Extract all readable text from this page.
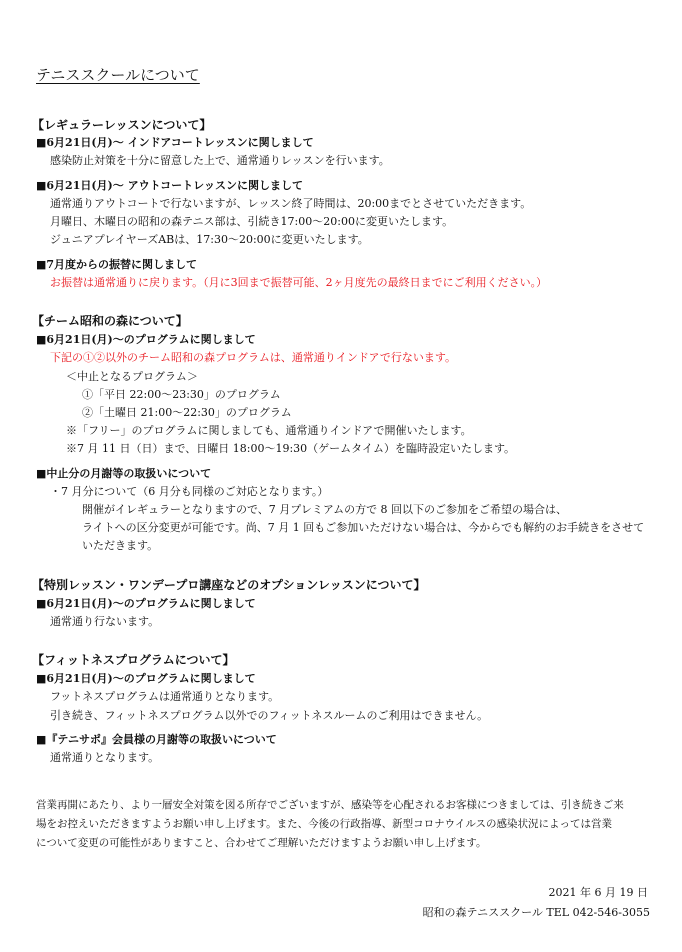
テニススクールについて
【レギュラーレッスンについて】
■6月21日(月)～ インドアコートレッスンに関しまして
感染防止対策を十分に留意した上で、通常通りレッスンを行います。
■6月21日(月)～ アウトコートレッスンに関しまして
通常通りアウトコートで行ないますが、レッスン終了時間は、20:00までとさせていただきます。
月曜日、木曜日の昭和の森テニス部は、引続き17:00～20:00に変更いたします。
ジュニアプレイヤーズABは、17:30～20:00に変更いたします。
■7月度からの振替に関しまして
お振替は通常通りに戻ります。（月に3回まで振替可能、2ヶ月度先の最終日までにご利用ください。）
【チーム昭和の森について】
■6月21日(月)～のプログラムに関しまして
下記の①②以外のチーム昭和の森プログラムは、通常通りインドアで行ないます。
＜中止となるプログラム＞
①「平日 22:00～23:30」のプログラム
②「土曜日 21:00～22:30」のプログラム
※「フリー」のプログラムに関しましても、通常通りインドアで開催いたします。
※7 月 11 日（日）まで、日曜日 18:00～19:30（ゲームタイム）を臨時設定いたします。
■中止分の月謝等の取扱いについて
・7 月分について（6 月分も同様のご対応となります。）
開催がイレギュラーとなりますので、7 月プレミアムの方で 8 回以下のご参加をご希望の場合は、
ライトへの区分変更が可能です。尚、7 月 1 回もご参加いただけない場合は、今からでも解約のお手続きをさせて
いただきます。
【特別レッスン・ワンデープロ講座などのオプションレッスンについて】
■6月21日(月)～のプログラムに関しまして
通常通り行ないます。
【フィットネスプログラムについて】
■6月21日(月)～のプログラムに関しまして
フットネスプログラムは通常通りとなります。
引き続き、フィットネスプログラム以外でのフィットネスルームのご利用はできません。
■『テニサポ』会員様の月謝等の取扱いについて
通常通りとなります。
営業再開にあたり、より一層安全対策を図る所存でございますが、感染等を心配されるお客様につきましては、引き続きご来
場をお控えいただきますようお願い申し上げます。また、今後の行政指導、新型コロナウイルスの感染状況によっては営業
について変更の可能性がありますこと、合わせてご理解いただけますようお願い申し上げます。
2021 年 6 月 19 日
昭和の森テニススクール TEL 042-546-3055
